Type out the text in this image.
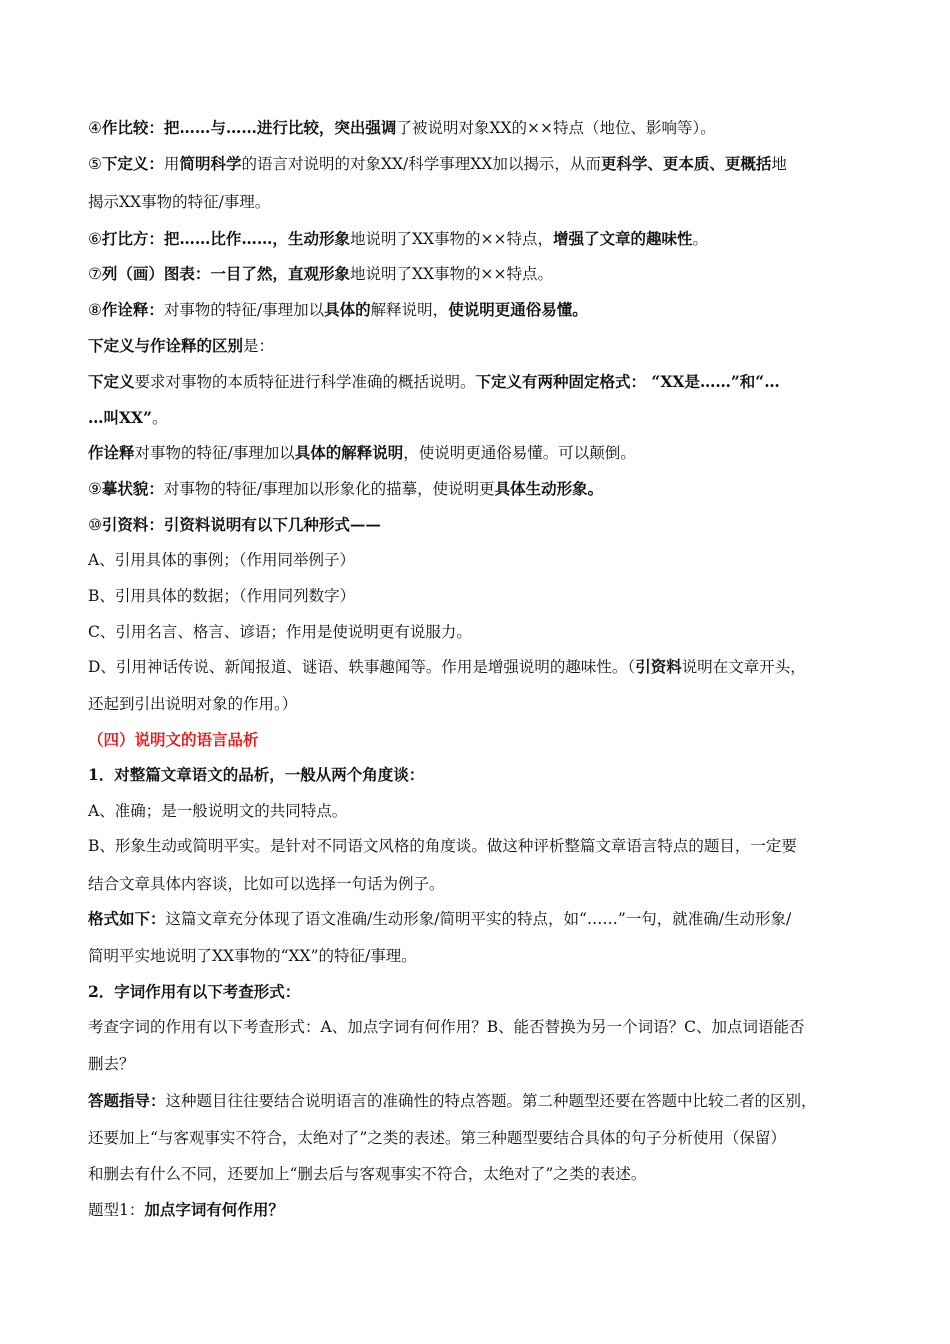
④作比较：把……与……进行比较，突出强调了被说明对象XX的××特点（地位、影响等）。
⑤下定义：用简明科学的语言对说明的对象XX/科学事理XX加以揭示，从而更科学、更本质、更概括地
揭示XX事物的特征/事理。
⑥打比方：把……比作……，生动形象地说明了XX事物的××特点，增强了文章的趣味性。
⑦列（画）图表：一目了然，直观形象地说明了XX事物的××特点。
⑧作诠释：对事物的特征/事理加以具体的解释说明，使说明更通俗易懂。
下定义与作诠释的区别是：
下定义要求对事物的本质特征进行科学准确的概括说明。下定义有两种固定格式： “XX是……”和“…
…叫XX”。
作诠释对事物的特征/事理加以具体的解释说明，使说明更通俗易懂。可以颠倒。
⑨摹状貌：对事物的特征/事理加以形象化的描摹，使说明更具体生动形象。
⑩引资料：引资料说明有以下几种形式——
A、引用具体的事例；（作用同举例子）
B、引用具体的数据；（作用同列数字）
C、引用名言、格言、谚语；作用是使说明更有说服力。
D、引用神话传说、新闻报道、谜语、轶事趣闻等。作用是增强说明的趣味性。（引资料说明在文章开头，
还起到引出说明对象的作用。）
（四）说明文的语言品析
1．对整篇文章语文的品析，一般从两个角度谈：
A、准确；是一般说明文的共同特点。
B、形象生动或简明平实。是针对不同语文风格的角度谈。做这种评析整篇文章语言特点的题目，一定要
结合文章具体内容谈，比如可以选择一句话为例子。
格式如下：这篇文章充分体现了语文准确/生动形象/简明平实的特点，如“……”一句，就准确/生动形象/
简明平实地说明了XX事物的“XX”的特征/事理。
2．字词作用有以下考查形式：
考查字词的作用有以下考查形式：A、加点字词有何作用？B、能否替换为另一个词语？C、加点词语能否
删去？
答题指导：这种题目往往要结合说明语言的准确性的特点答题。第二种题型还要在答题中比较二者的区别，
还要加上“与客观事实不符合，太绝对了”之类的表述。第三种题型要结合具体的句子分析使用（保留）
和删去有什么不同，还要加上“删去后与客观事实不符合，太绝对了”之类的表述。
题型1：加点字词有何作用？
